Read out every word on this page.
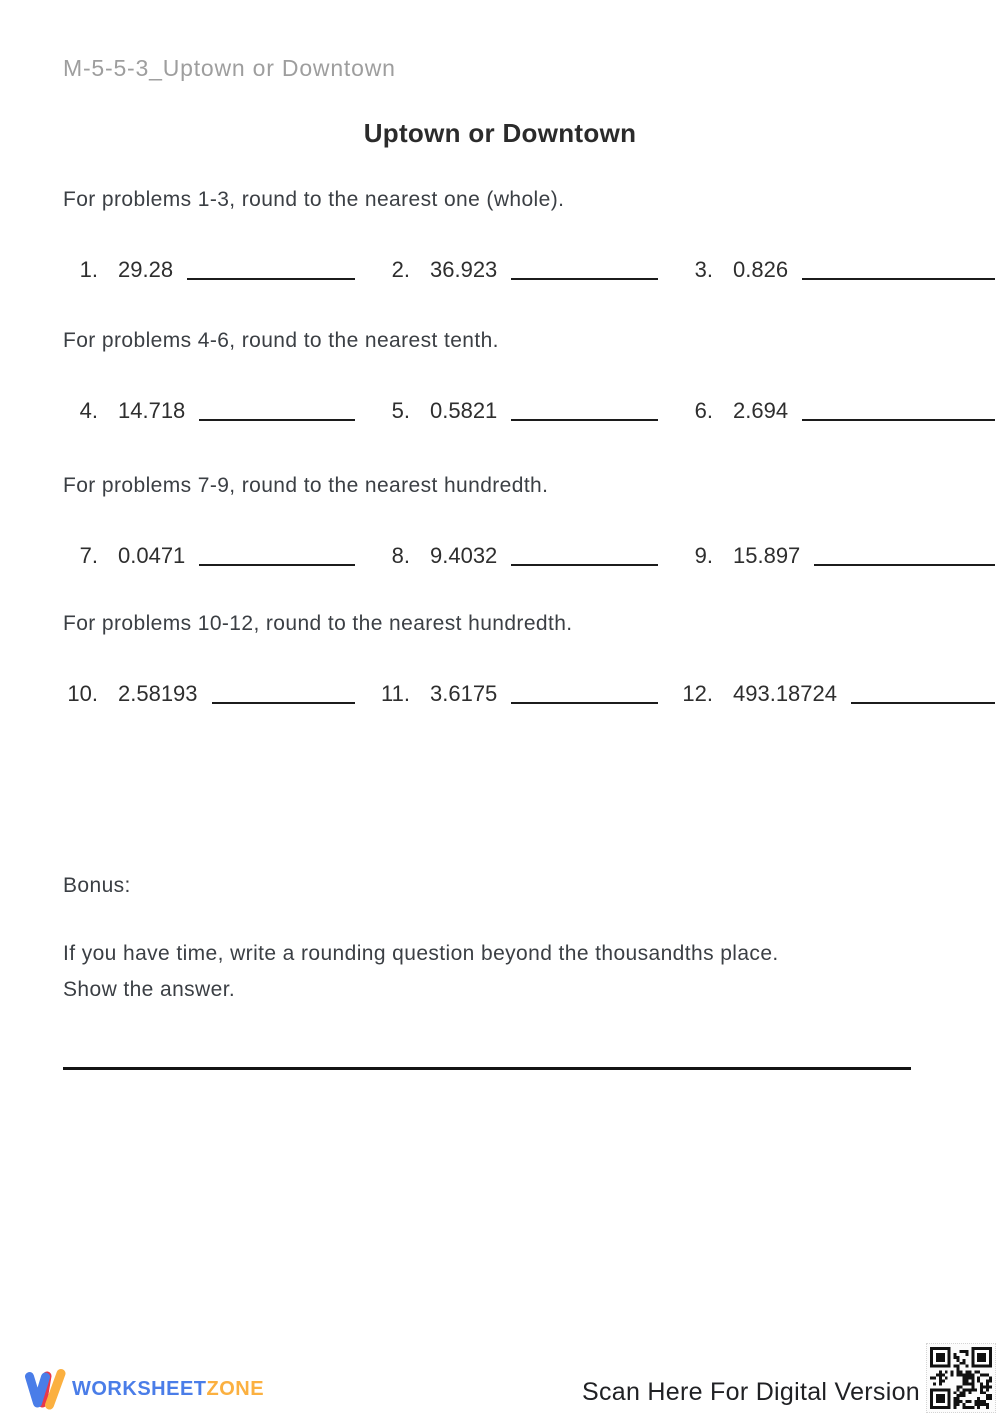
M-5-5-3_Uptown or Downtown
Uptown or Downtown

For problems 1-3, round to the nearest one (whole).

1. 29.28	2. 36.923	3. 0.826

For problems 4-6, round to the nearest tenth.

4. 14.718	5. 0.5821	6. 2.694

For problems 7-9, round to the nearest hundredth.

7. 0.0471	8. 9.4032	9. 15.897

For problems 10-12, round to the nearest hundredth.

10. 2.58193	11. 3.6175	12. 493.18724

Bonus:

If you have time, write a rounding question beyond the thousandths place.
Show the answer.

WORKSHEETZONE	Scan Here For Digital Version
